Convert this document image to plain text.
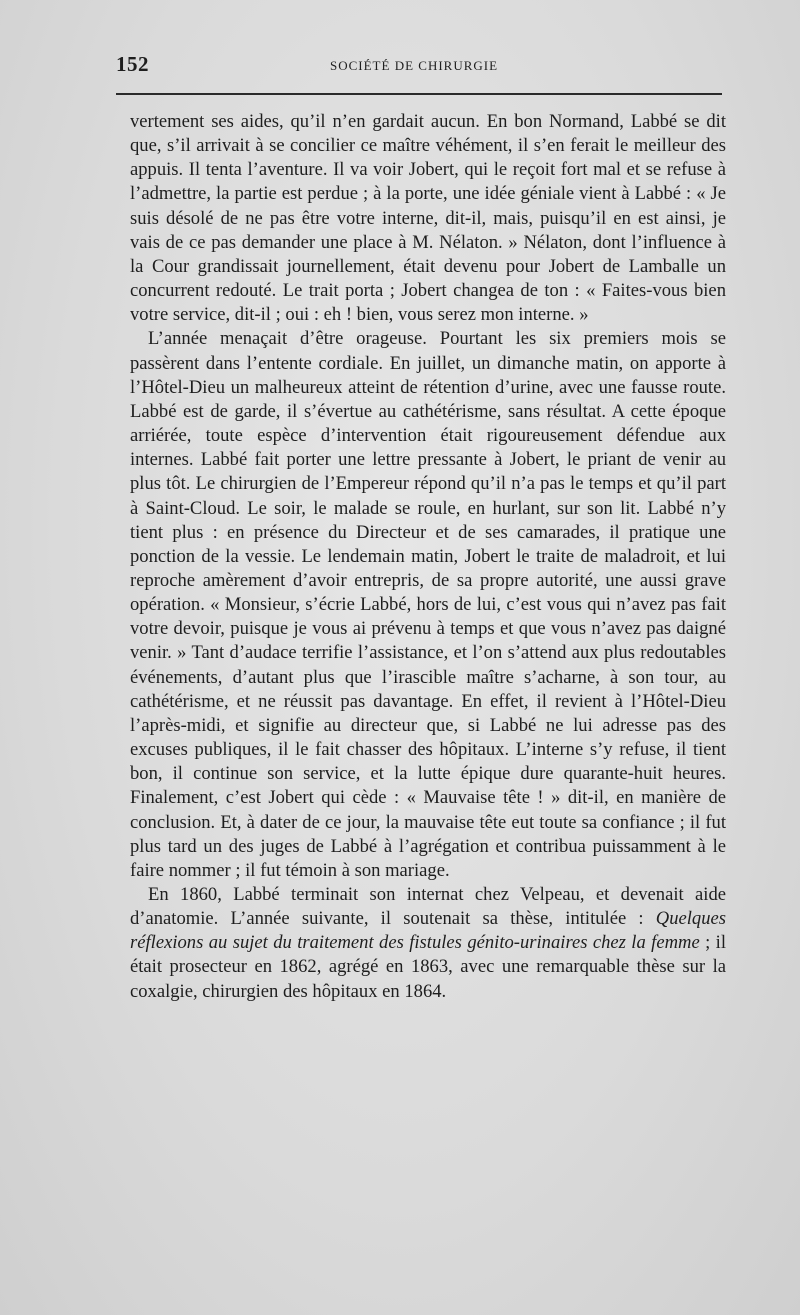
152	SOCIÉTÉ DE CHIRURGIE

vertement ses aides, qu’il n’en gardait aucun. En bon Normand, Labbé se dit que, s’il arrivait à se concilier ce maître véhément, il s’en ferait le meilleur des appuis. Il tenta l’aventure. Il va voir Jobert, qui le reçoit fort mal et se refuse à l’admettre, la partie est perdue ; à la porte, une idée géniale vient à Labbé : « Je suis désolé de ne pas être votre interne, dit-il, mais, puisqu’il en est ainsi, je vais de ce pas demander une place à M. Nélaton. » Nélaton, dont l’influence à la Cour grandissait journellement, était devenu pour Jobert de Lamballe un concurrent redouté. Le trait porta ; Jobert changea de ton : « Faites-vous bien votre service, dit-il ; oui : eh ! bien, vous serez mon interne. »

L’année menaçait d’être orageuse. Pourtant les six premiers mois se passèrent dans l’entente cordiale. En juillet, un dimanche matin, on apporte à l’Hôtel-Dieu un malheureux atteint de rétention d’urine, avec une fausse route. Labbé est de garde, il s’évertue au cathétérisme, sans résultat. A cette époque arriérée, toute espèce d’intervention était rigoureusement défendue aux internes. Labbé fait porter une lettre pressante à Jobert, le priant de venir au plus tôt. Le chirurgien de l’Empereur répond qu’il n’a pas le temps et qu’il part à Saint-Cloud. Le soir, le malade se roule, en hurlant, sur son lit. Labbé n’y tient plus : en présence du Directeur et de ses camarades, il pratique une ponction de la vessie. Le lendemain matin, Jobert le traite de maladroit, et lui reproche amèrement d’avoir entrepris, de sa propre autorité, une aussi grave opération. « Monsieur, s’écrie Labbé, hors de lui, c’est vous qui n’avez pas fait votre devoir, puisque je vous ai prévenu à temps et que vous n’avez pas daigné venir. » Tant d’audace terrifie l’assistance, et l’on s’attend aux plus redoutables événements, d’autant plus que l’irascible maître s’acharne, à son tour, au cathétérisme, et ne réussit pas davantage. En effet, il revient à l’Hôtel-Dieu l’après-midi, et signifie au directeur que, si Labbé ne lui adresse pas des excuses publiques, il le fait chasser des hôpitaux. L’interne s’y refuse, il tient bon, il continue son service, et la lutte épique dure quarante-huit heures. Finalement, c’est Jobert qui cède : « Mauvaise tête ! » dit-il, en manière de conclusion. Et, à dater de ce jour, la mauvaise tête eut toute sa confiance ; il fut plus tard un des juges de Labbé à l’agrégation et contribua puissamment à le faire nommer ; il fut témoin à son mariage.

En 1860, Labbé terminait son internat chez Velpeau, et devenait aide d’anatomie. L’année suivante, il soutenait sa thèse, intitulée : Quelques réflexions au sujet du traitement des fistules génito-urinaires chez la femme ; il était prosecteur en 1862, agrégé en 1863, avec une remarquable thèse sur la coxalgie, chirurgien des hôpitaux en 1864.
